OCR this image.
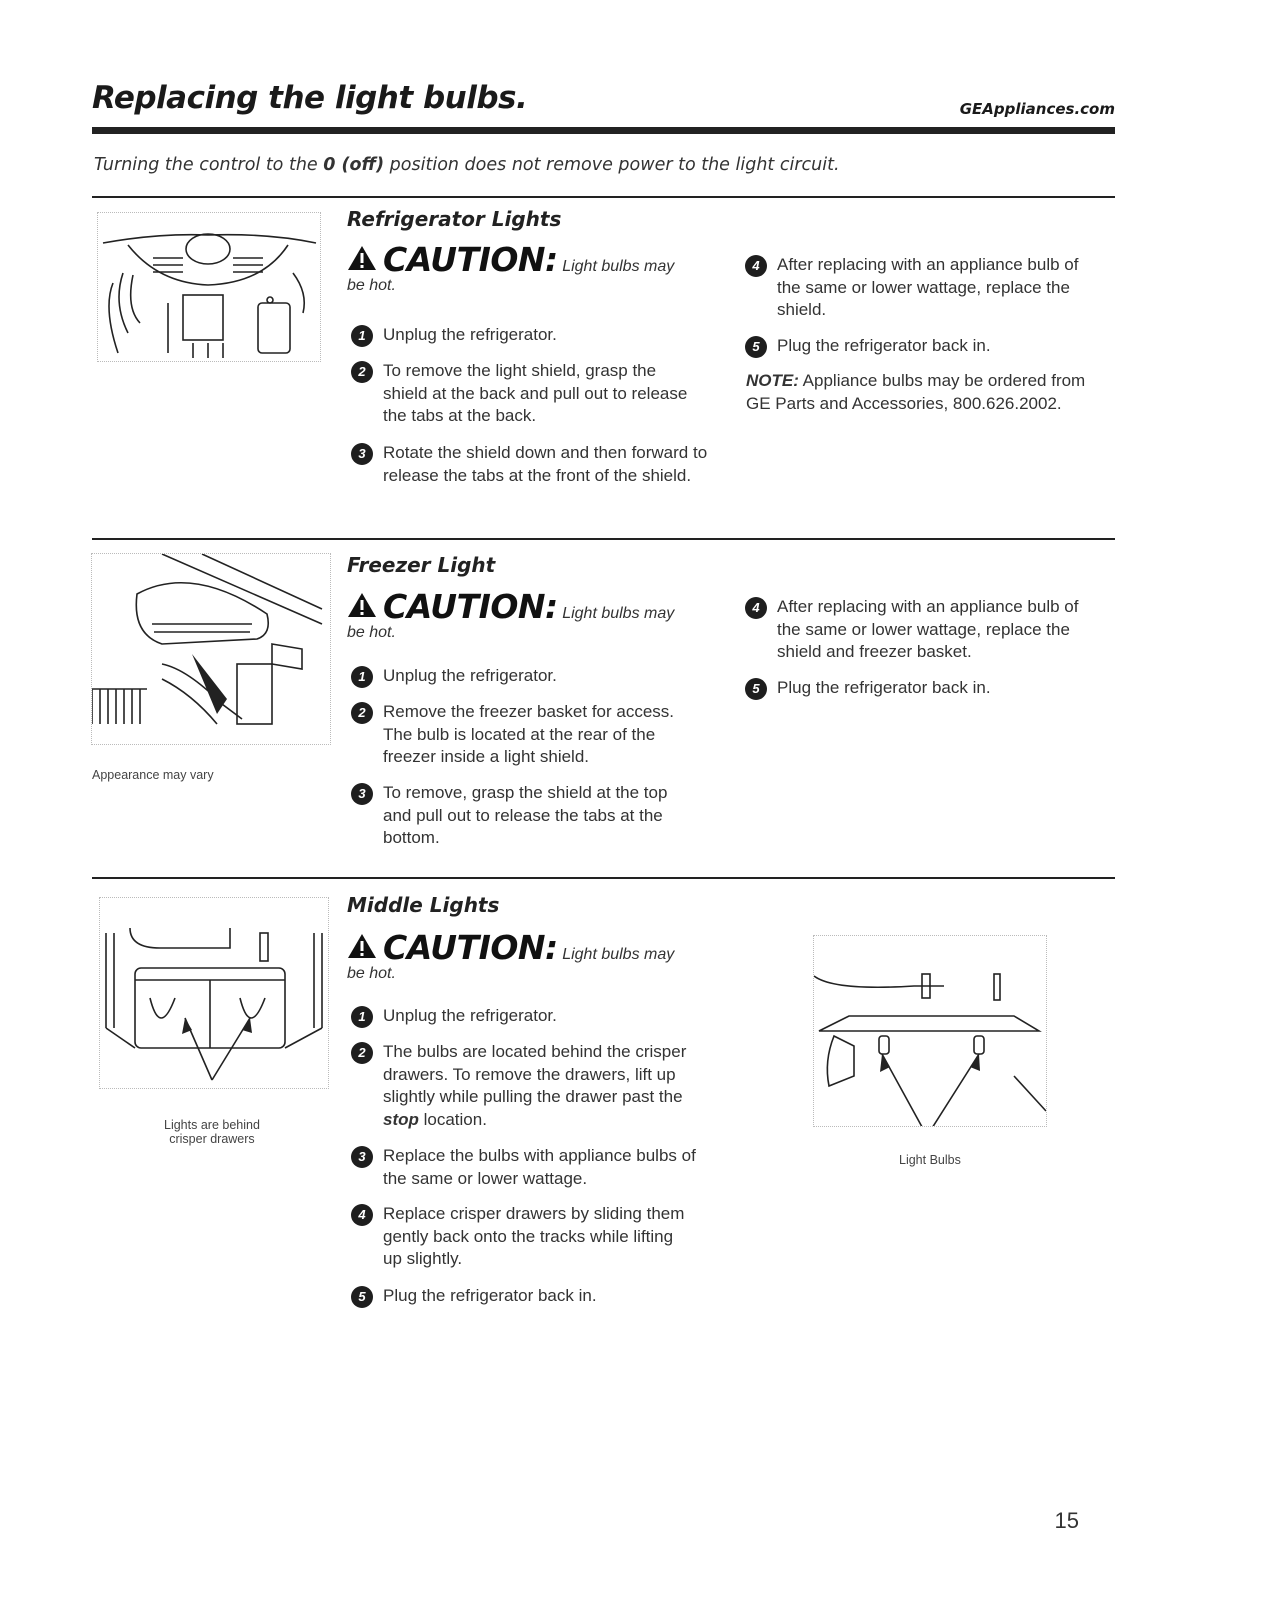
Replacing the light bulbs.	GEAppliances.com
Turning the control to the 0 (off) position does not remove power to the light circuit.
Refrigerator Lights
CAUTION: Light bulbs may
be hot.
1	Unplug the refrigerator.
2	To remove the light shield, grasp the shield at the back and pull out to release the tabs at the back.
3	Rotate the shield down and then forward to release the tabs at the front of the shield.
4	After replacing with an appliance bulb of the same or lower wattage, replace the shield.
5	Plug the refrigerator back in.
NOTE: Appliance bulbs may be ordered from GE Parts and Accessories, 800.626.2002.
Appearance may vary
Freezer Light
CAUTION: Light bulbs may
be hot.
1	Unplug the refrigerator.
2	Remove the freezer basket for access. The bulb is located at the rear of the freezer inside a light shield.
3	To remove, grasp the shield at the top and pull out to release the tabs at the bottom.
4	After replacing with an appliance bulb of the same or lower wattage, replace the shield and freezer basket.
5	Plug the refrigerator back in.
Lights are behind
crisper drawers
Middle Lights
CAUTION: Light bulbs may
be hot.
1	Unplug the refrigerator.
2	The bulbs are located behind the crisper drawers. To remove the drawers, lift up slightly while pulling the drawer past the stop location.
3	Replace the bulbs with appliance bulbs of the same or lower wattage.
4	Replace crisper drawers by sliding them gently back onto the tracks while lifting up slightly.
5	Plug the refrigerator back in.
Light Bulbs
15
